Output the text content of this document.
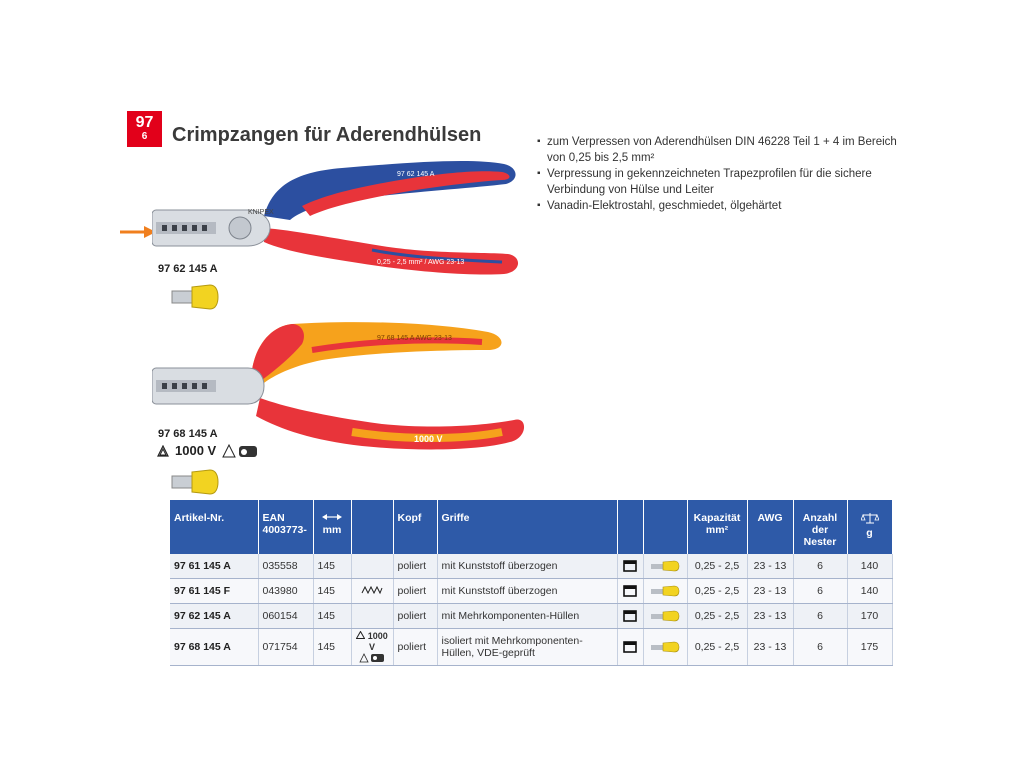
97
6	Crimpzangen für Aderendhülsen	▪ zum Verpressen von Aderendhülsen DIN 46228 Teil 1 + 4 im Bereich von 0,25 bis 2,5 mm²
▪ Verpressung in gekennzeichneten Trapezprofilen für die sichere Verbindung von Hülse und Leiter
▪ Vanadin-Elektrostahl, geschmiedet, ölgehärtet
KNIPEX
97 62 145 A
0,25 - 2,5 mm² / AWG 23-13
97 62 145 A
97 68 145 A AWG 23-13
1000 V
97 68 145 A
1000 V
Artikel-Nr.	EAN 4003773-	mm		Kopf	Griffe			Kapazität mm²	AWG	Anzahl der Nester	g
97 61 145 A	035558	145		poliert	mit Kunststoff überzogen			0,25 - 2,5	23 - 13	6	140
97 61 145 F	043980	145		poliert	mit Kunststoff überzogen			0,25 - 2,5	23 - 13	6	140
97 62 145 A	060154	145		poliert	mit Mehrkomponenten-Hüllen			0,25 - 2,5	23 - 13	6	170
97 68 145 A	071754	145	1000 V	poliert	isoliert mit Mehrkomponenten-Hüllen, VDE-geprüft			0,25 - 2,5	23 - 13	6	175
